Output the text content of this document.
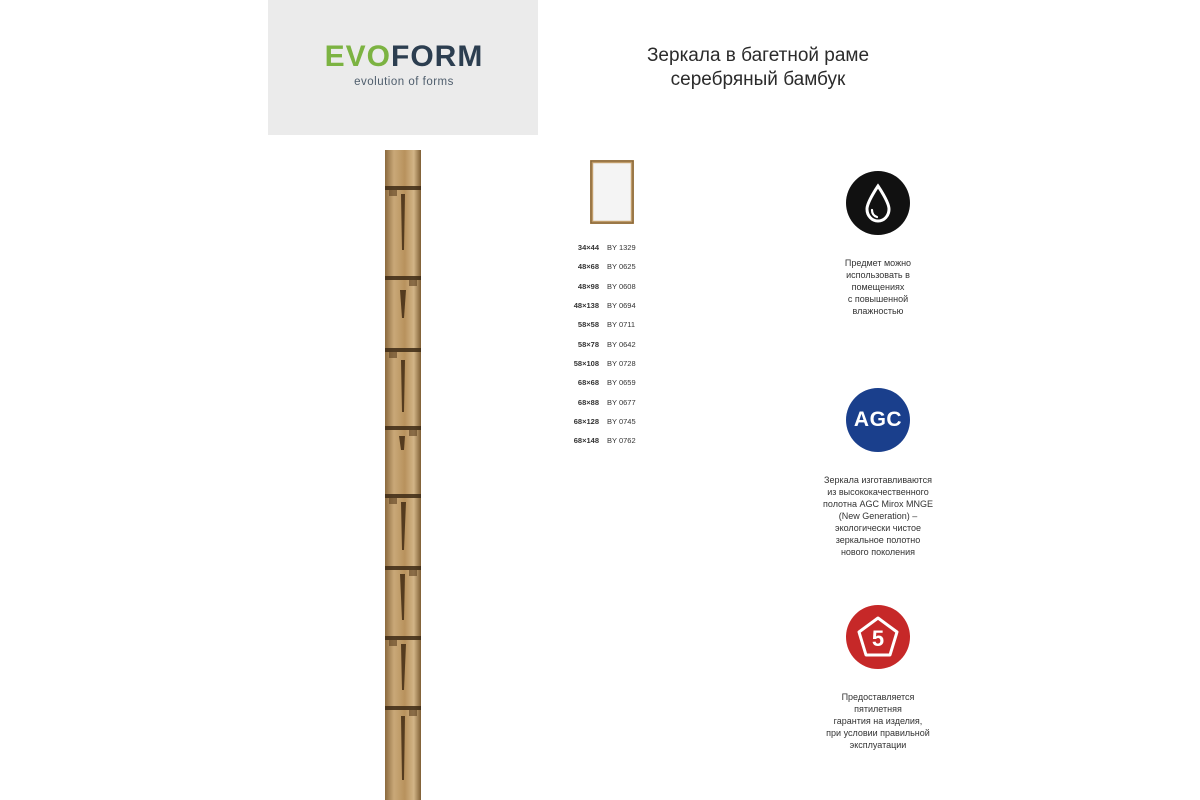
EVOFORM
evolution of forms
Зеркала в багетной раме
серебряный бамбук
34×44	BY 1329
48×68	BY 0625
48×98	BY 0608
48×138	BY 0694
58×58	BY 0711
58×78	BY 0642
58×108	BY 0728
68×68	BY 0659
68×88	BY 0677
68×128	BY 0745
68×148	BY 0762
Предмет можно
использовать в
помещениях
с повышенной
влажностью
AGC
Зеркала изготавливаются
из высококачественного
полотна AGC Mirox MNGE
(New Generation) –
экологически чистое
зеркальное полотно
нового поколения
5
Предоставляется
пятилетняя
гарантия на изделия,
при условии правильной
эксплуатации
